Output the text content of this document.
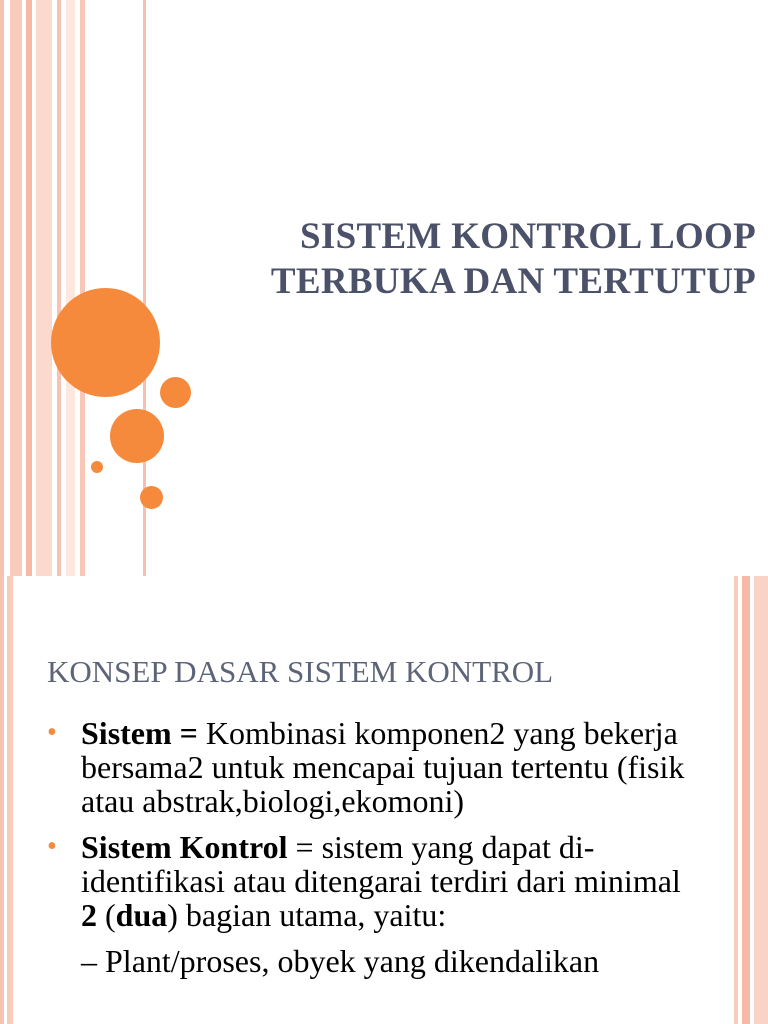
SISTEM KONTROL LOOP
TERBUKA DAN TERTUTUP
KONSEP DASAR SISTEM KONTROL
• Sistem = Kombinasi komponen2 yang bekerja bersama2 untuk mencapai tujuan tertentu (fisik atau abstrak,biologi,ekomoni)
• Sistem Kontrol = sistem yang dapat di-identifikasi atau ditengarai terdiri dari minimal 2 (dua) bagian utama, yaitu:
– Plant/proses, obyek yang dikendalikan
